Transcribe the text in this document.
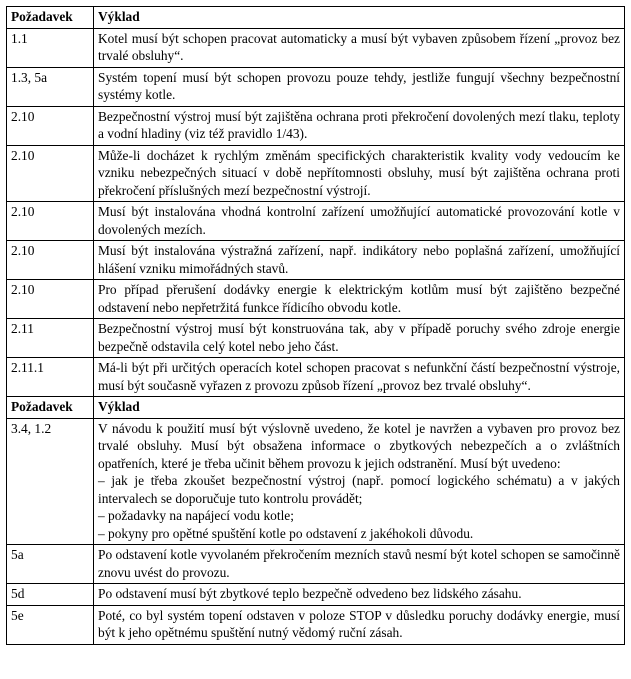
Požadavek	Výklad
1.1	Kotel musí být schopen pracovat automaticky a musí být vybaven způsobem řízení „provoz bez trvalé obsluhy“.
1.3, 5a	Systém topení musí být schopen provozu pouze tehdy, jestliže fungují všechny bezpečnostní systémy kotle.
2.10	Bezpečnostní výstroj musí být zajištěna ochrana proti překročení dovolených mezí tlaku, teploty a vodní hladiny (viz též pravidlo 1/43).
2.10	Může-li docházet k rychlým změnám specifických charakteristik kvality vody vedoucím ke vzniku nebezpečných situací v době nepřítomnosti obsluhy, musí být zajištěna ochrana proti překročení příslušných mezí bezpečnostní výstrojí.
2.10	Musí být instalována vhodná kontrolní zařízení umožňující automatické provozování kotle v dovolených mezích.
2.10	Musí být instalována výstražná zařízení, např. indikátory nebo poplašná zařízení, umožňující hlášení vzniku mimořádných stavů.
2.10	Pro případ přerušení dodávky energie k elektrickým kotlům musí být zajištěno bezpečné odstavení nebo nepřetržitá funkce řídicího obvodu kotle.
2.11	Bezpečnostní výstroj musí být konstruována tak, aby v případě poruchy svého zdroje energie bezpečně odstavila celý kotel nebo jeho část.
2.11.1	Má-li být při určitých operacích kotel schopen pracovat s nefunkční částí bezpečnostní výstroje, musí být současně vyřazen z provozu způsob řízení „provoz bez trvalé obsluhy“.
Požadavek	Výklad
3.4, 1.2	V návodu k použití musí být výslovně uvedeno, že kotel je navržen a vybaven pro provoz bez trvalé obsluhy. Musí být obsažena informace o zbytkových nebezpečích a o zvláštních opatřeních, které je třeba učinit během provozu k jejich odstranění. Musí být uvedeno:
– jak je třeba zkoušet bezpečnostní výstroj (např. pomocí logického schématu) a v jakých intervalech se doporučuje tuto kontrolu provádět;
– požadavky na napájecí vodu kotle;
– pokyny pro opětné spuštění kotle po odstavení z jakéhokoli důvodu.

5a	Po odstavení kotle vyvolaném překročením mezních stavů nesmí být kotel schopen se samočinně znovu uvést do provozu.
5d	Po odstavení musí být zbytkové teplo bezpečně odvedeno bez lidského zásahu.
5e	Poté, co byl systém topení odstaven v poloze STOP v důsledku poruchy dodávky energie, musí být k jeho opětnému spuštění nutný vědomý ruční zásah.
